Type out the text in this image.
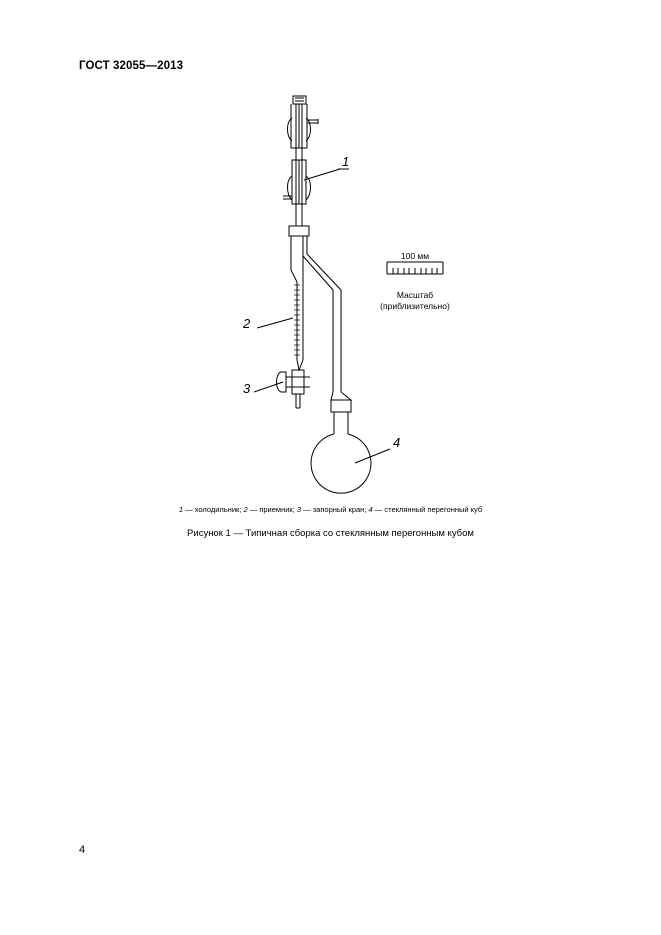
ГОСТ 32055—2013
1
2
3
4
100 мм
Масштаб
(приблизительно)
1 — холодильник; 2 — приемник; 3 — запорный кран; 4 — стеклянный перегонный куб
Рисунок 1 — Типичная сборка со стеклянным перегонным кубом
4
